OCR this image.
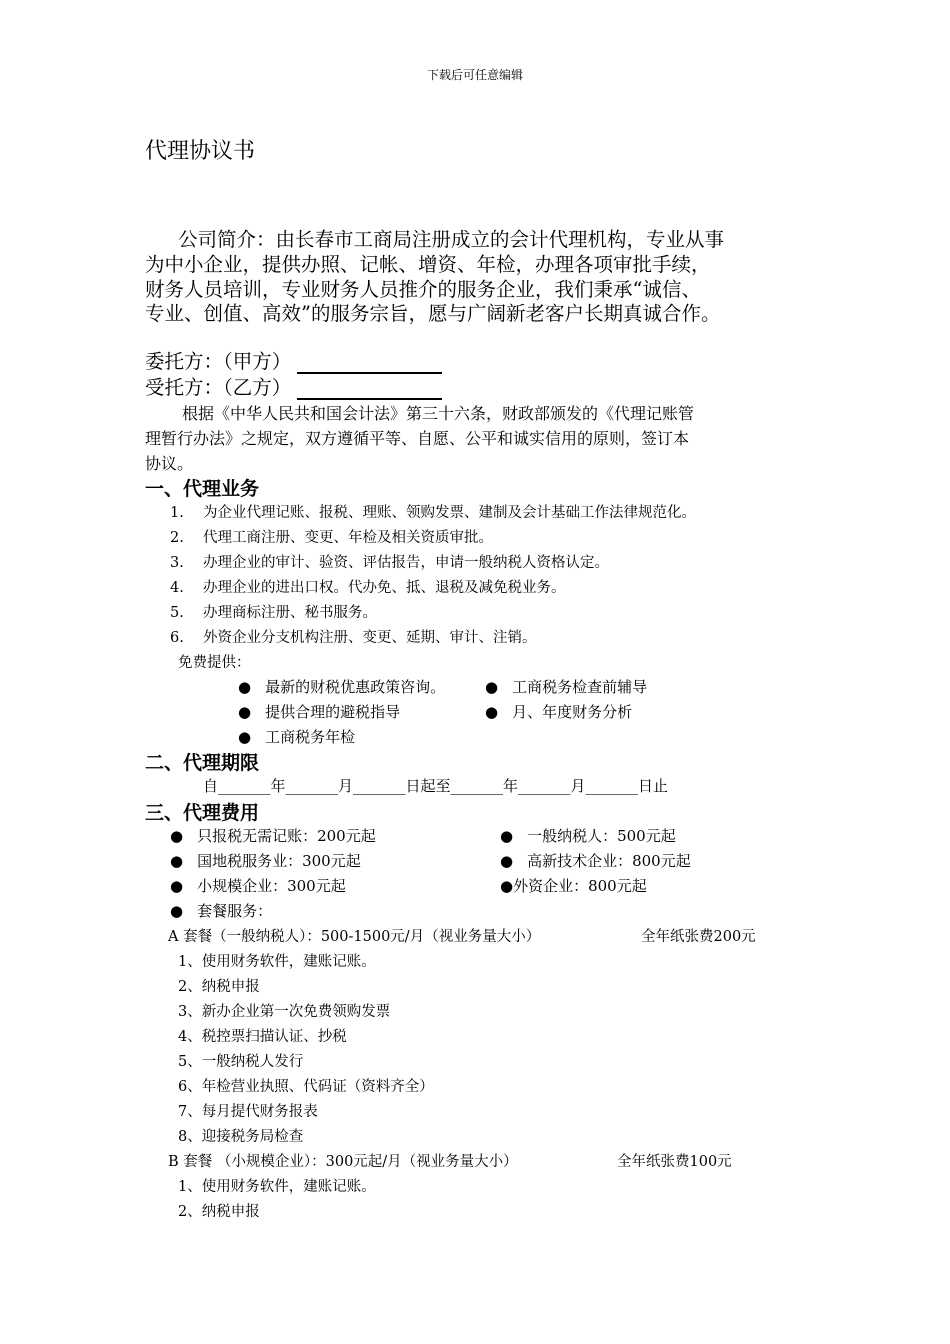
下载后可任意编辑
代理协议书
公司简介：由长春市工商局注册成立的会计代理机构，专业从事
为中小企业，提供办照、记帐、增资、年检，办理各项审批手续，
财务人员培训，专业财务人员推介的服务企业，我们秉承“诚信、
专业、创值、高效”的服务宗旨，愿与广阔新老客户长期真诚合作。
委托方：（甲方）
受托方：（乙方）
根据《中华人民共和国会计法》第三十六条，财政部颁发的《代理记账管
理暂行办法》之规定，双方遵循平等、自愿、公平和诚实信用的原则，签订本
协议。
一、代理业务
1. 为企业代理记账、报税、理账、领购发票、建制及会计基础工作法律规范化。
2. 代理工商注册、变更、年检及相关资质审批。
3. 办理企业的审计、验资、评估报告，申请一般纳税人资格认定。
4. 办理企业的进出口权。代办免、抵、退税及减免税业务。
5. 办理商标注册、秘书服务。
6. 外资企业分支机构注册、变更、延期、审计、注销。
免费提供：
● 最新的财税优惠政策咨询。	● 工商税务检查前辅导
● 提供合理的避税指导	● 月、年度财务分析
● 工商税务年检
二、代理期限
自_______年_______月_______日起至_______年_______月_______日止
三、代理费用
● 只报税无需记账：200元起	● 一般纳税人：500元起
● 国地税服务业：300元起	● 高新技术企业：800元起
● 小规模企业：300元起	●外资企业：800元起
● 套餐服务：
A 套餐（一般纳税人）：500-1500元/月（视业务量大小）	全年纸张费200元
1、使用财务软件，建账记账。
2、纳税申报
3、新办企业第一次免费领购发票
4、税控票扫描认证、抄税
5、一般纳税人发行
6、年检营业执照、代码证（资料齐全）
7、每月提代财务报表
8、迎接税务局检查
B 套餐 （小规模企业）：300元起/月（视业务量大小）	全年纸张费100元
1、使用财务软件，建账记账。
2、纳税申报
